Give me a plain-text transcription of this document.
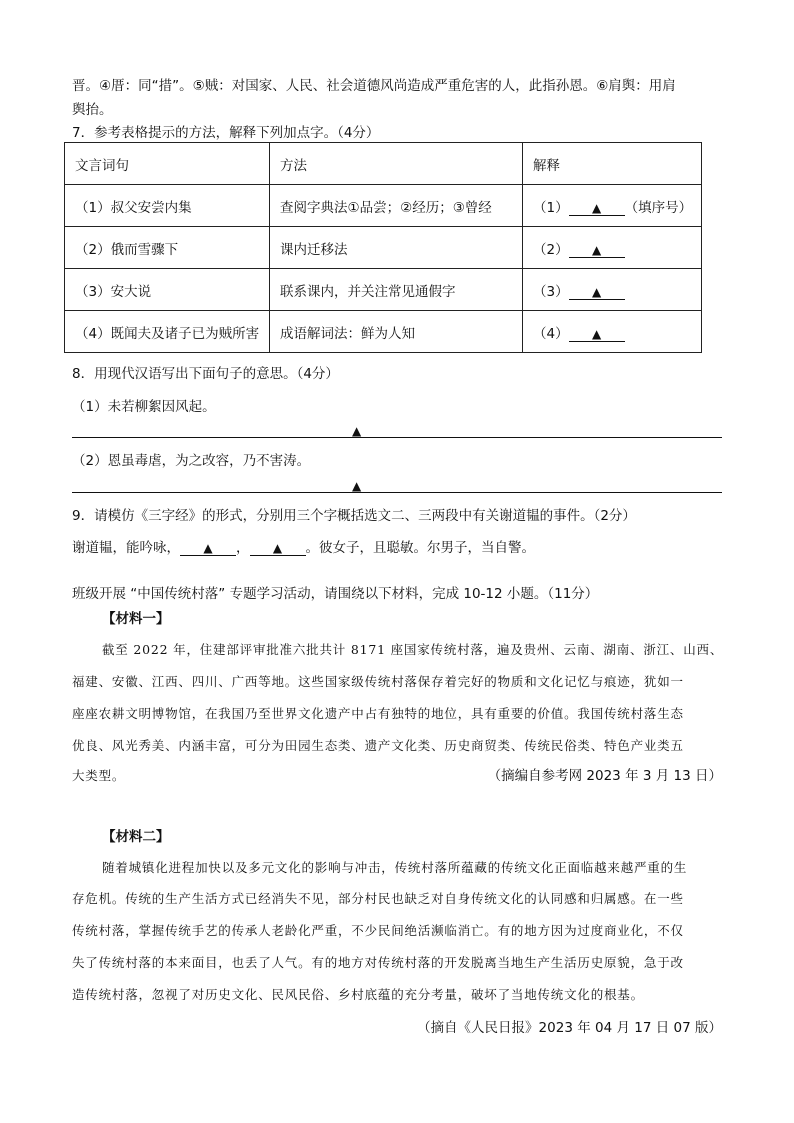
晋。④厝：同“措”。⑤贼：对国家、人民、社会道德风尚造成严重危害的人，此指孙恩。⑥肩舆：用肩
舆抬。
7．参考表格提示的方法，解释下列加点字。（4分）
文言词句	方法	解释
（1）叔父安尝内集	查阅字典法①品尝；②经历；③曾经	（1） ▲ （填序号）
（2）俄而雪骤下	课内迁移法	（2） ▲
（3）安大说	联系课内，并关注常见通假字	（3） ▲
（4）既闻夫及诸子已为贼所害	成语解词法：鲜为人知	（4） ▲
8．用现代汉语写出下面句子的意思。（4分）
（1）未若柳絮因风起。
▲
（2）恩虽毒虐，为之改容，乃不害涛。
▲
9．请模仿《三字经》的形式，分别用三个字概括选文二、三两段中有关谢道韫的事件。（2分）
谢道韫，能吟咏， ▲ ， ▲ 。彼女子，且聪敏。尔男子，当自警。
班级开展 “中国传统村落” 专题学习活动，请围绕以下材料，完成 10-12 小题。（11分）
【材料一】
截至 2022 年，住建部评审批准六批共计 8171 座国家传统村落，遍及贵州、云南、湖南、浙江、山西、
福建、安徽、江西、四川、广西等地。这些国家级传统村落保存着完好的物质和文化记忆与痕迹，犹如一
座座农耕文明博物馆，在我国乃至世界文化遗产中占有独特的地位，具有重要的价值。我国传统村落生态
优良、风光秀美、内涵丰富，可分为田园生态类、遗产文化类、历史商贸类、传统民俗类、特色产业类五
大类型。	（摘编自参考网 2023 年 3 月 13 日）
【材料二】
随着城镇化进程加快以及多元文化的影响与冲击，传统村落所蕴藏的传统文化正面临越来越严重的生
存危机。传统的生产生活方式已经消失不见，部分村民也缺乏对自身传统文化的认同感和归属感。在一些
传统村落，掌握传统手艺的传承人老龄化严重，不少民间绝活濒临消亡。有的地方因为过度商业化，不仅
失了传统村落的本来面目，也丢了人气。有的地方对传统村落的开发脱离当地生产生活历史原貌，急于改
造传统村落，忽视了对历史文化、民风民俗、乡村底蕴的充分考量，破坏了当地传统文化的根基。
（摘自《人民日报》2023 年 04 月 17 日 07 版）
